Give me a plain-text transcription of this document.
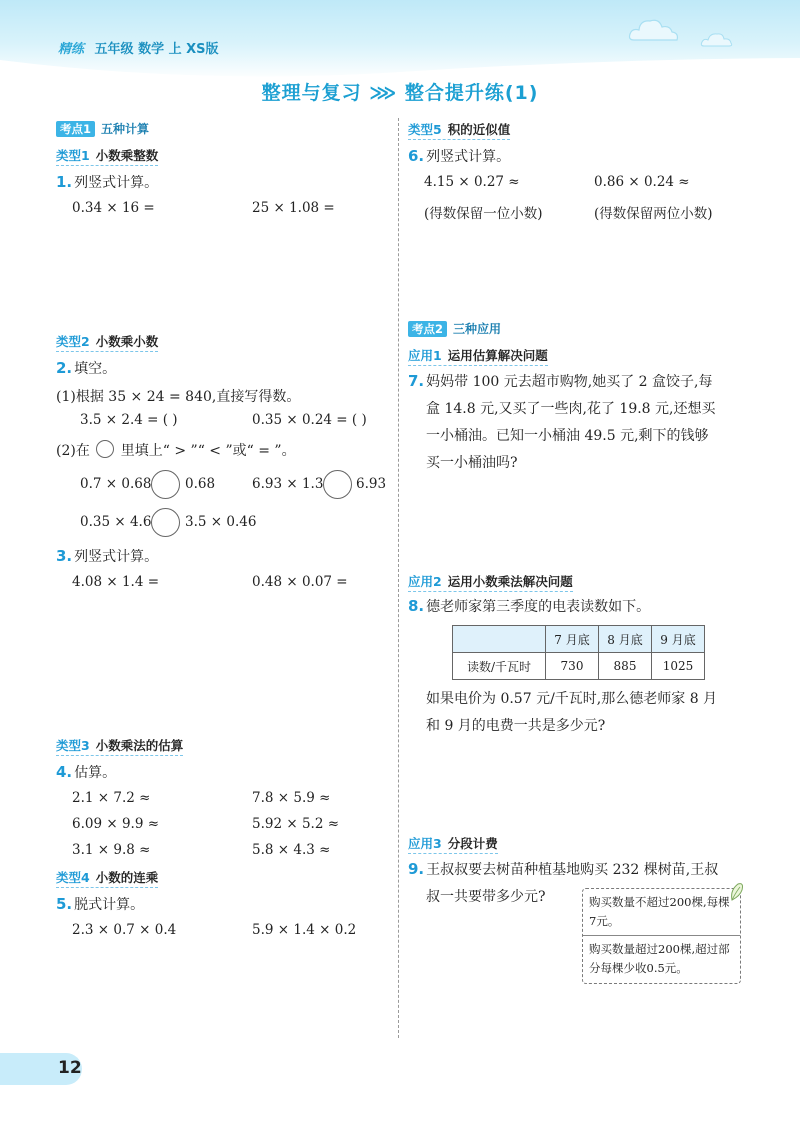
精练 五年级 数学 上 XS版
整理与复习 ⋙ 整合提升练(1)
考点1 五种计算
类型1 小数乘整数
1. 列竖式计算。
0.34 × 16 =	25 × 1.08 =
类型2 小数乘小数
2. 填空。
(1)根据 35 × 24 = 840,直接写得数。
3.5 × 2.4 = ( )	0.35 × 0.24 = ( )
(2)在 里填上“ > ”“ < ”或“ = ”。
0.7 × 0.68 0.68	6.93 × 1.3 6.93
0.35 × 4.6 3.5 × 0.46
3. 列竖式计算。
4.08 × 1.4 =	0.48 × 0.07 =
类型3 小数乘法的估算
4. 估算。
2.1 × 7.2 ≈	7.8 × 5.9 ≈
6.09 × 9.9 ≈	5.92 × 5.2 ≈
3.1 × 9.8 ≈	5.8 × 4.3 ≈
类型4 小数的连乘
5. 脱式计算。
2.3 × 0.7 × 0.4	5.9 × 1.4 × 0.2
类型5 积的近似值
6. 列竖式计算。
4.15 × 0.27 ≈	0.86 × 0.24 ≈
(得数保留一位小数)	(得数保留两位小数)
考点2 三种应用
应用1 运用估算解决问题
7. 妈妈带 100 元去超市购物,她买了 2 盒饺子,每
盒 14.8 元,又买了一些肉,花了 19.8 元,还想买
一小桶油。已知一小桶油 49.5 元,剩下的钱够
买一小桶油吗?
应用2 运用小数乘法解决问题
8. 德老师家第三季度的电表读数如下。
	7 月底	8 月底	9 月底
读数/千瓦时	730	885	1025
如果电价为 0.57 元/千瓦时,那么德老师家 8 月
和 9 月的电费一共是多少元?
应用3 分段计费
9. 王叔叔要去树苗种植基地购买 232 棵树苗,王叔
叔一共要带多少元?	购买数量不超过200棵,每棵7元。
购买数量超过200棵,超过部分每棵少收0.5元。
12
